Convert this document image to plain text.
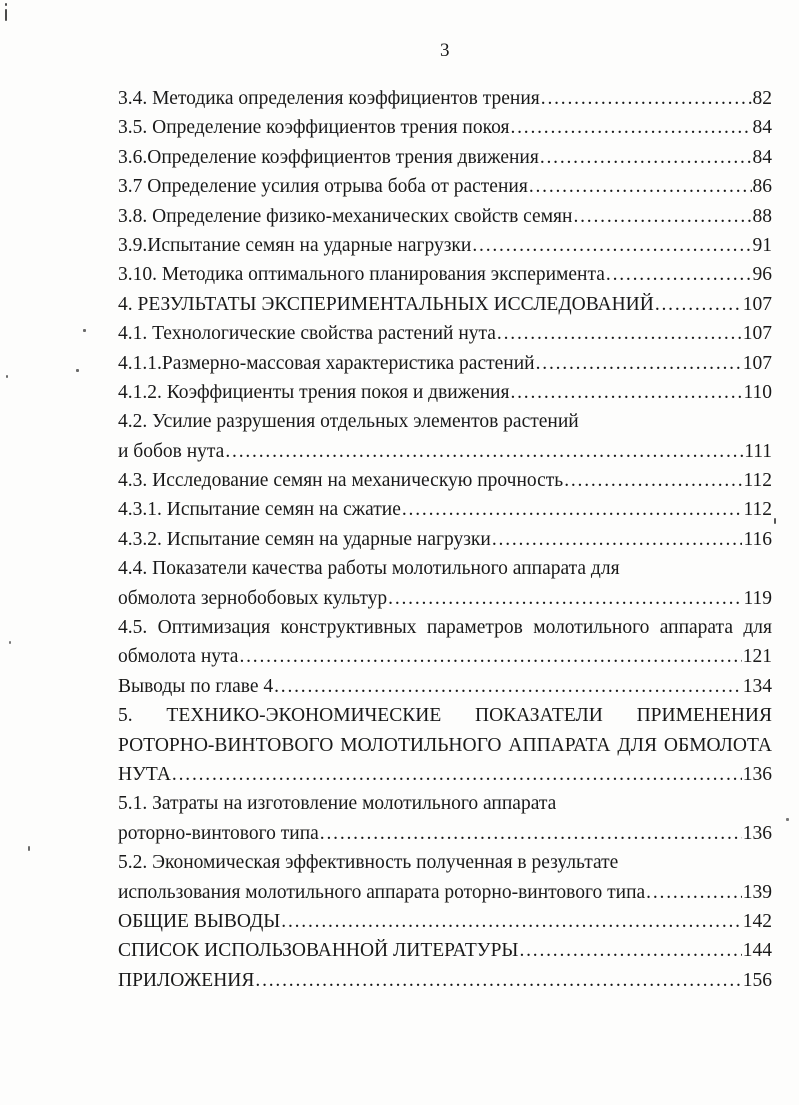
3
3.4. Методика определения коэффициентов трения .....	82
3.5. Определение коэффициентов трения покоя .....	84
3.6.Определение коэффициентов трения движения .....	84
3.7 Определение усилия отрыва боба от растения .....	86
3.8. Определение физико-механических свойств семян .....	88
3.9.Испытание семян на ударные нагрузки .....	91
3.10. Методика оптимального планирования эксперимента .....	96
4. РЕЗУЛЬТАТЫ ЭКСПЕРИМЕНТАЛЬНЫХ ИССЛЕДОВАНИЙ .....	107
4.1. Технологические свойства растений нута .....	107
4.1.1.Размерно-массовая характеристика растений .....	107
4.1.2. Коэффициенты трения покоя и движения .....	110
4.2. Усилие разрушения отдельных элементов растений
и бобов нута .....	111
4.3. Исследование семян на механическую прочность .....	112
4.3.1. Испытание семян на сжатие .....	112
4.3.2. Испытание семян на ударные нагрузки .....	116
4.4. Показатели качества работы молотильного аппарата для
обмолота зернобобовых культур .....	119
4.5. Оптимизация конструктивных параметров молотильного аппарата для
обмолота нута .....	121
Выводы по главе 4 .....	134
5. ТЕХНИКО-ЭКОНОМИЧЕСКИЕ ПОКАЗАТЕЛИ ПРИМЕНЕНИЯ
РОТОРНО-ВИНТОВОГО МОЛОТИЛЬНОГО АППАРАТА ДЛЯ ОБМОЛОТА
НУТА .....	136
5.1. Затраты на изготовление молотильного аппарата
роторно-винтового типа .....	136
5.2. Экономическая эффективность полученная в результате
использования молотильного аппарата роторно-винтового типа .....	139
ОБЩИЕ ВЫВОДЫ .....	142
СПИСОК ИСПОЛЬЗОВАННОЙ ЛИТЕРАТУРЫ .....	144
ПРИЛОЖЕНИЯ .....	156
